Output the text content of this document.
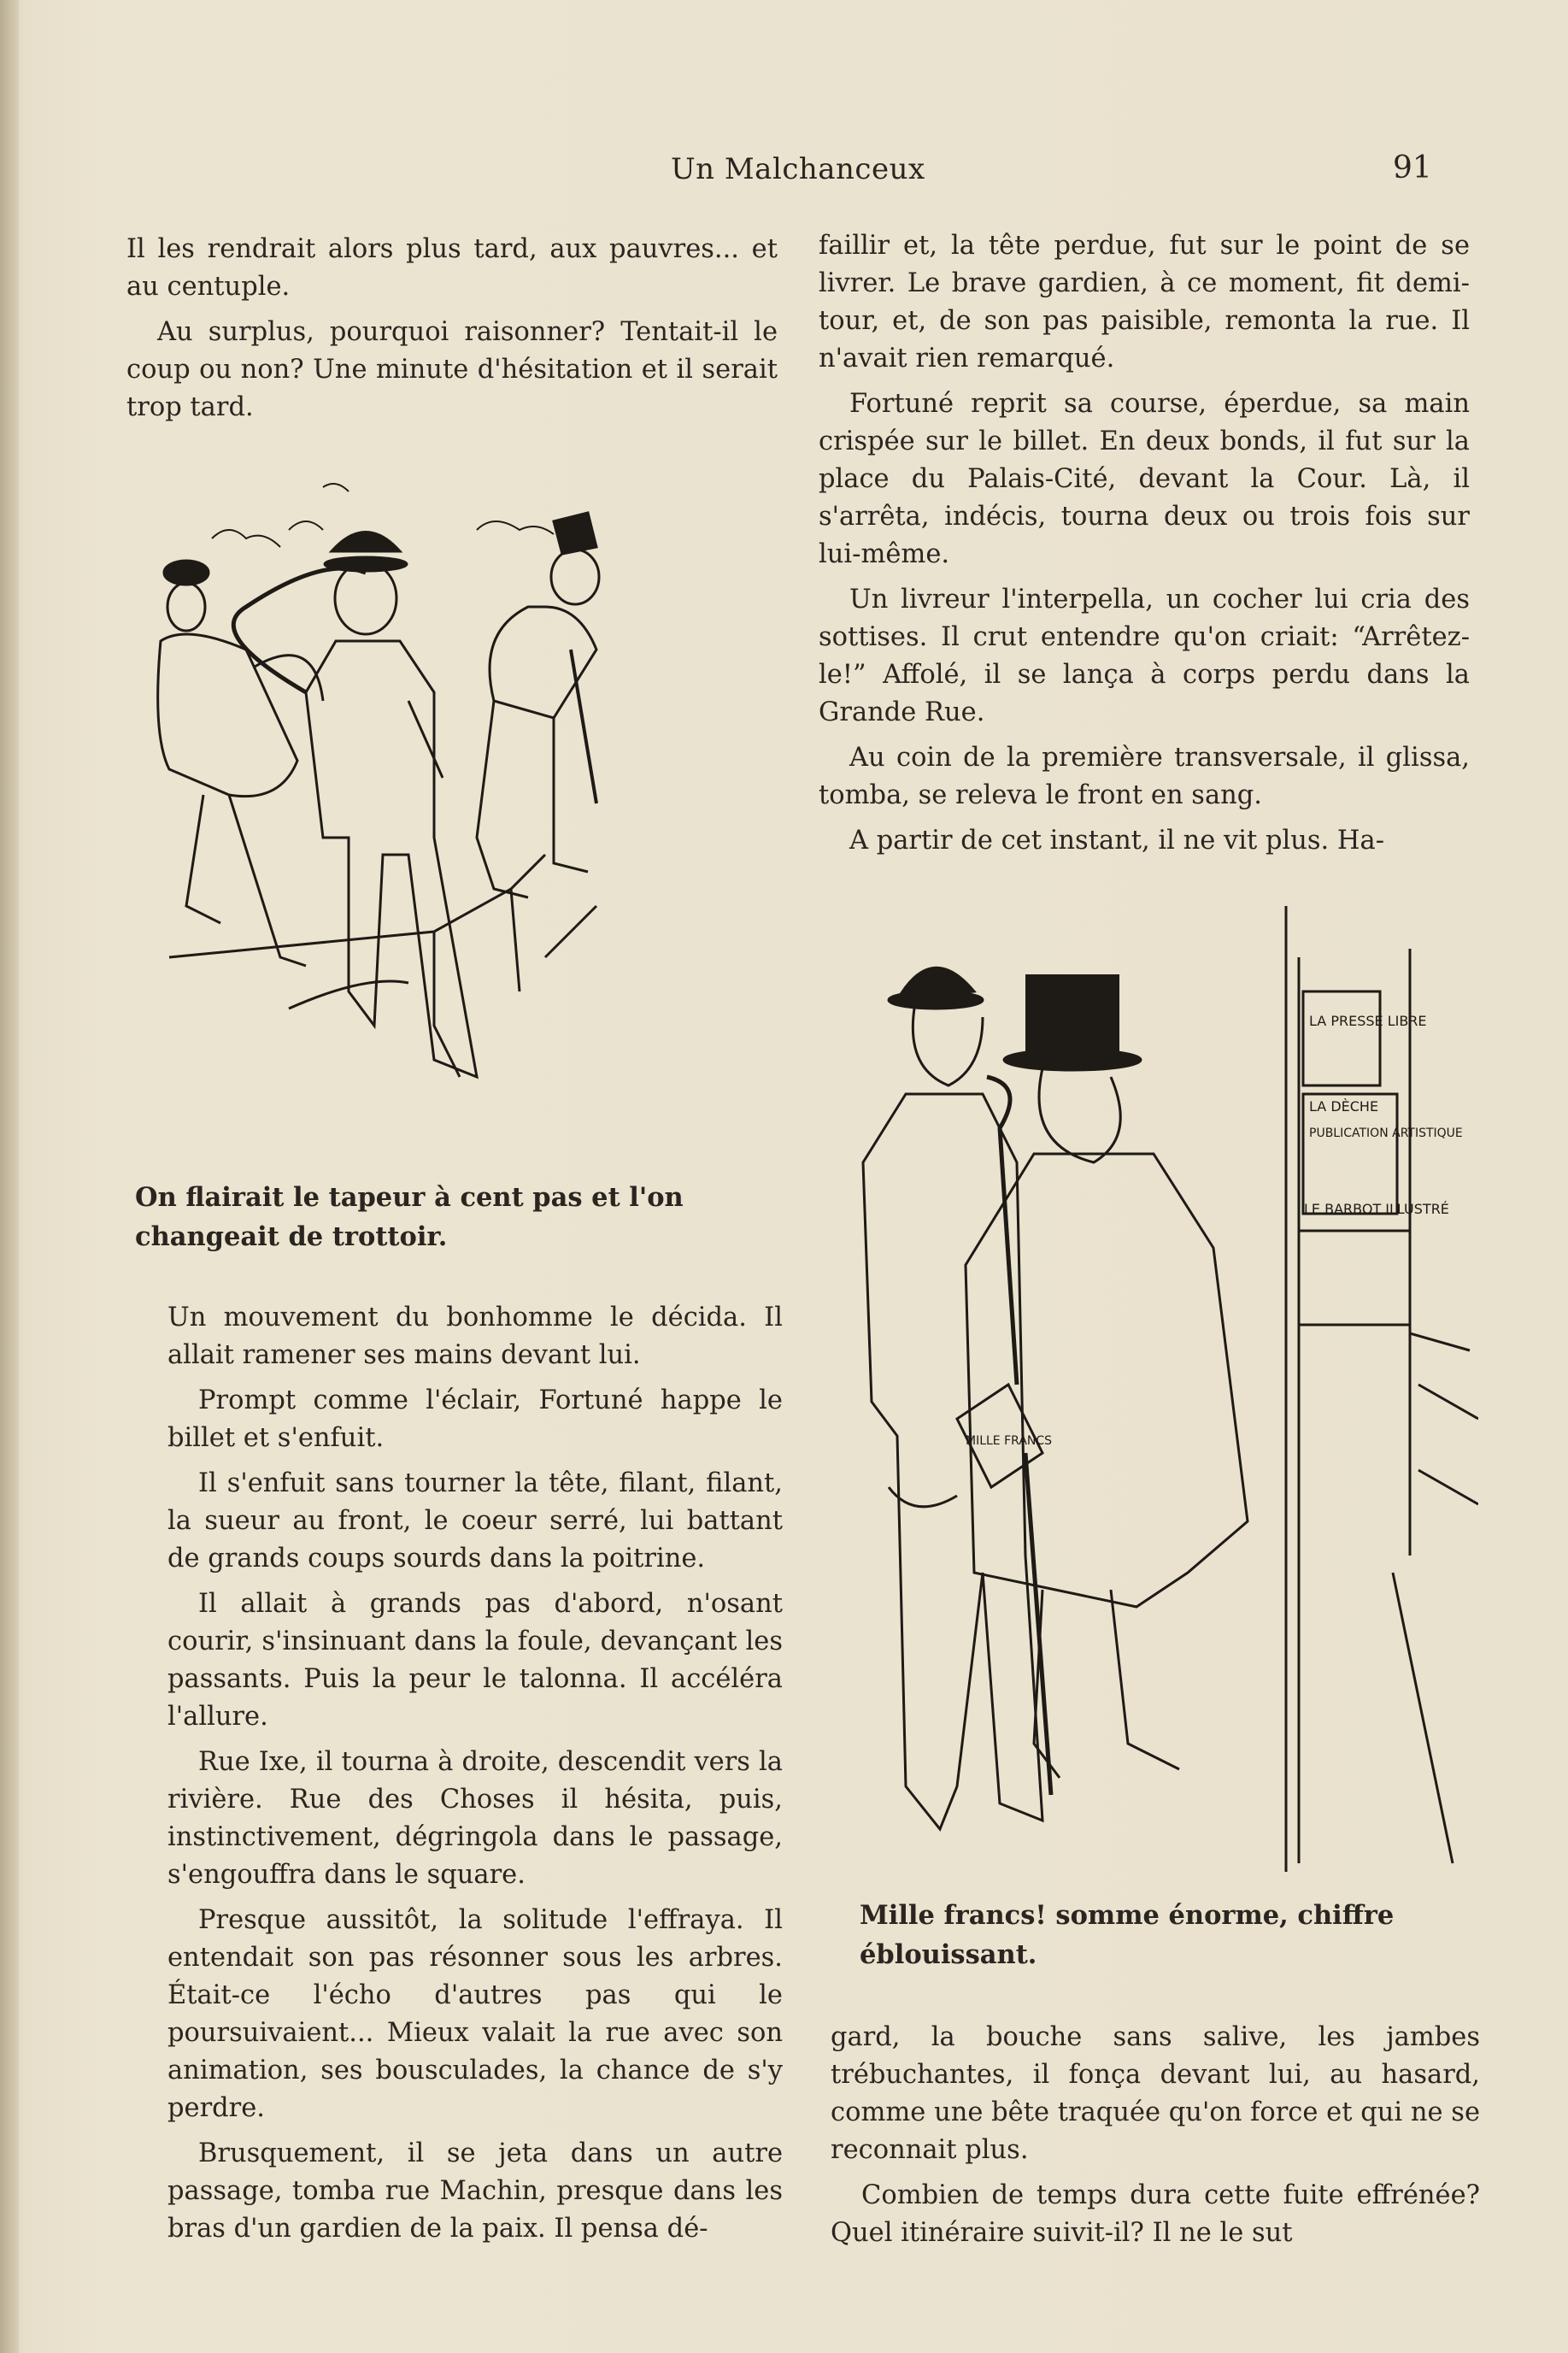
Un Malchanceux	91

Il les rendrait alors plus tard, aux pauvres... et au centuple.

Au surplus, pourquoi raisonner? Tentait-il le coup ou non? Une minute d'hésitation et il serait trop tard.

On flairait le tapeur à cent pas et l'on changeait de trottoir.

Un mouvement du bonhomme le décida. Il allait ramener ses mains devant lui.

Prompt comme l'éclair, Fortuné happe le billet et s'enfuit.

Il s'enfuit sans tourner la tête, filant, filant, la sueur au front, le coeur serré, lui battant de grands coups sourds dans la poitrine.

Il allait à grands pas d'abord, n'osant courir, s'insinuant dans la foule, devançant les passants. Puis la peur le talonna. Il accéléra l'allure.

Rue Ixe, il tourna à droite, descendit vers la rivière. Rue des Choses il hésita, puis, instinctivement, dégringola dans le passage, s'engouffra dans le square.

Presque aussitôt, la solitude l'effraya. Il entendait son pas résonner sous les arbres. Était-ce l'écho d'autres pas qui le poursuivaient... Mieux valait la rue avec son animation, ses bousculades, la chance de s'y perdre.

Brusquement, il se jeta dans un autre passage, tomba rue Machin, presque dans les bras d'un gardien de la paix. Il pensa dé-

faillir et, la tête perdue, fut sur le point de se livrer. Le brave gardien, à ce moment, fit demi-tour, et, de son pas paisible, remonta la rue. Il n'avait rien remarqué.

Fortuné reprit sa course, éperdue, sa main crispée sur le billet. En deux bonds, il fut sur la place du Palais-Cité, devant la Cour. Là, il s'arrêta, indécis, tourna deux ou trois fois sur lui-même.

Un livreur l'interpella, un cocher lui cria des sottises. Il crut entendre qu'on criait: “Arrêtez-le!” Affolé, il se lança à corps perdu dans la Grande Rue.

Au coin de la première transversale, il glissa, tomba, se releva le front en sang.

A partir de cet instant, il ne vit plus. Ha-

LA PRESSE LIBRE
LA DÈCHE
PUBLICATION ARTISTIQUE
LE BARBOT ILLUSTRÉ
MILLE FRANCS
Mille francs! somme énorme, chiffre éblouissant.

gard, la bouche sans salive, les jambes trébuchantes, il fonça devant lui, au hasard, comme une bête traquée qu'on force et qui ne se reconnait plus.

Combien de temps dura cette fuite effrénée? Quel itinéraire suivit-il? Il ne le sut
